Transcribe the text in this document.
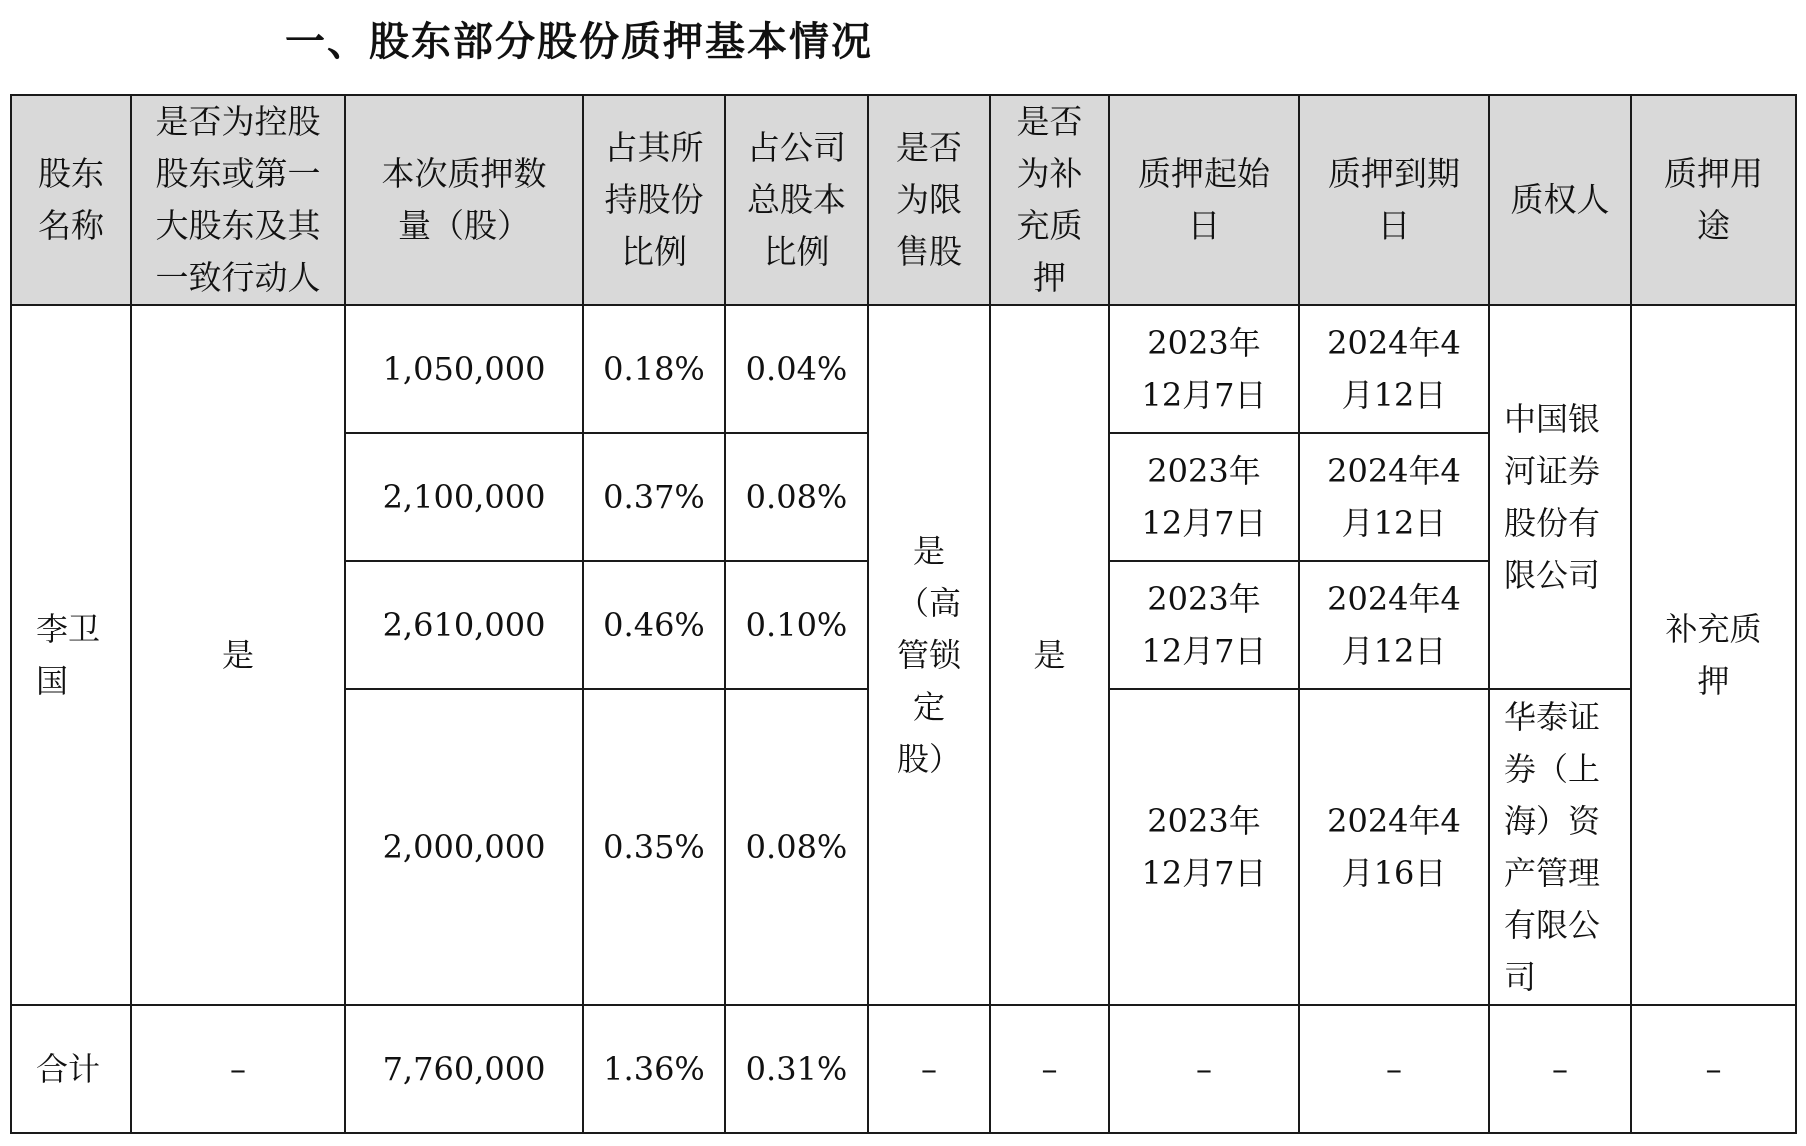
一、股东部分股份质押基本情况
股东名称	是否为控股股东或第一大股东及其一致行动人	本次质押数量（股）	占其所持股份比例	占公司总股本比例	是否为限售股	是否为补充质押	质押起始日	质押到期日	质权人	质押用途
李卫国	是	1,050,000	0.18%	0.04%	是（高管锁定股）	是	2023年12月7日	2024年4月12日	中国银河证券股份有限公司	补充质押
		2,100,000	0.37%	0.08%			2023年12月7日	2024年4月12日		
		2,610,000	0.46%	0.10%			2023年12月7日	2024年4月12日		
		2,000,000	0.35%	0.08%			2023年12月7日	2024年4月16日	华泰证券（上海）资产管理有限公司	
合计	–	7,760,000	1.36%	0.31%	–	–	–	–	–	–
